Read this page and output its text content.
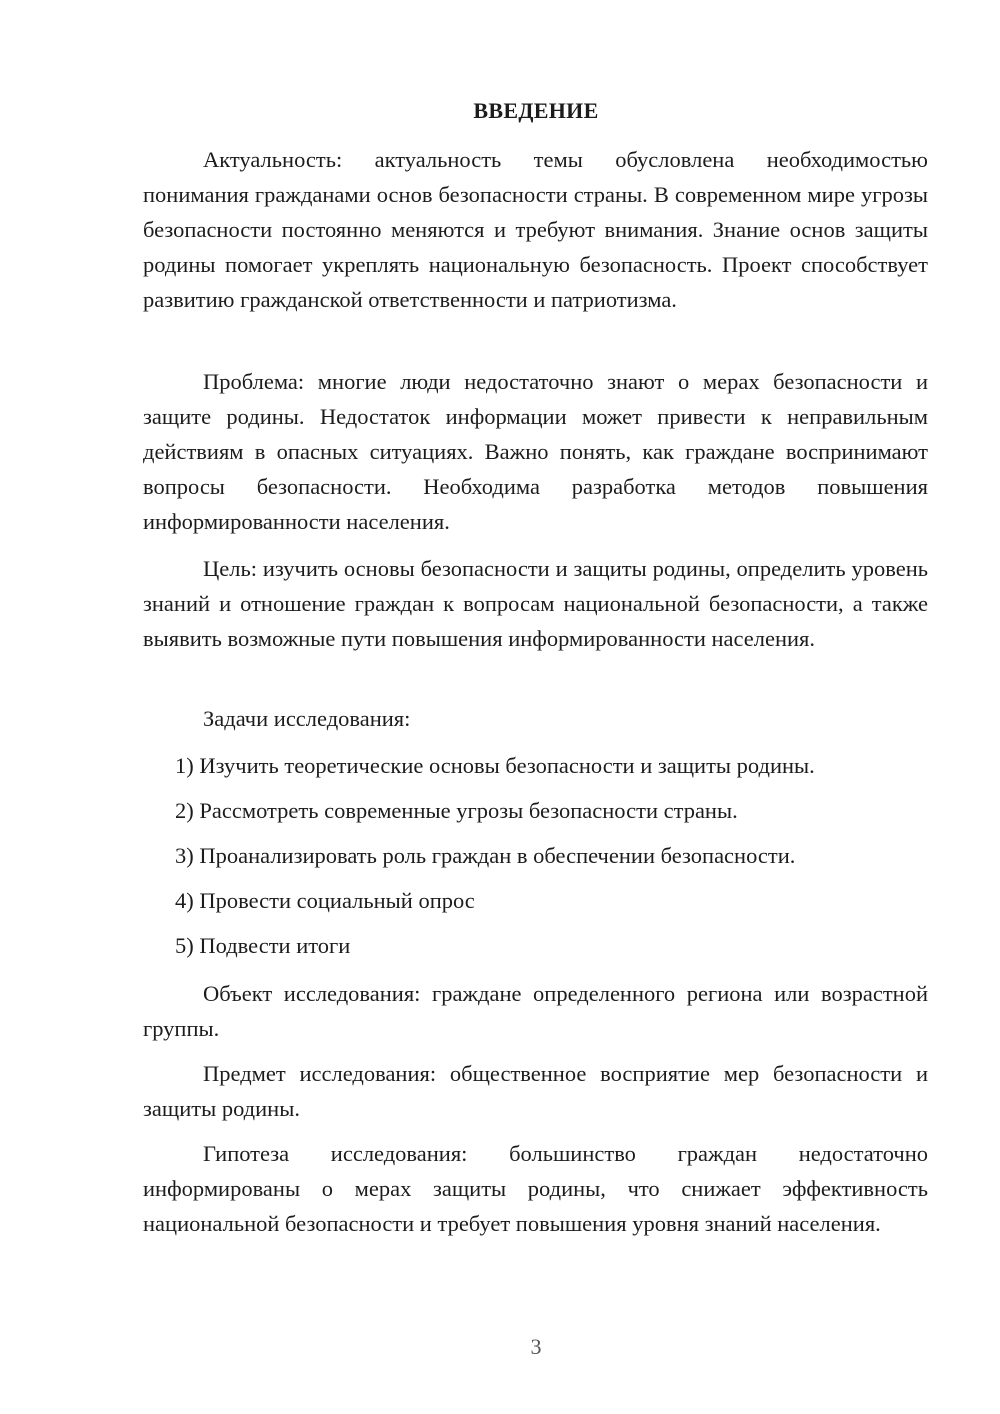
ВВЕДЕНИЕ

Актуальность: актуальность темы обусловлена необходимостью понимания гражданами основ безопасности страны. В современном мире угрозы безопасности постоянно меняются и требуют внимания. Знание основ защиты родины помогает укреплять национальную безопасность. Проект способствует развитию гражданской ответственности и патриотизма.

Проблема: многие люди недостаточно знают о мерах безопасности и защите родины. Недостаток информации может привести к неправильным действиям в опасных ситуациях. Важно понять, как граждане воспринимают вопросы безопасности. Необходима разработка методов повышения информированности населения.

Цель: изучить основы безопасности и защиты родины, определить уровень знаний и отношение граждан к вопросам национальной безопасности, а также выявить возможные пути повышения информированности населения.

Задачи исследования:
1) Изучить теоретические основы безопасности и защиты родины.
2) Рассмотреть современные угрозы безопасности страны.
3) Проанализировать роль граждан в обеспечении безопасности.
4) Провести социальный опрос
5) Подвести итоги

Объект исследования: граждане определенного региона или возрастной группы.

Предмет исследования: общественное восприятие мер безопасности и защиты родины.

Гипотеза исследования: большинство граждан недостаточно информированы о мерах защиты родины, что снижает эффективность национальной безопасности и требует повышения уровня знаний населения.

3
